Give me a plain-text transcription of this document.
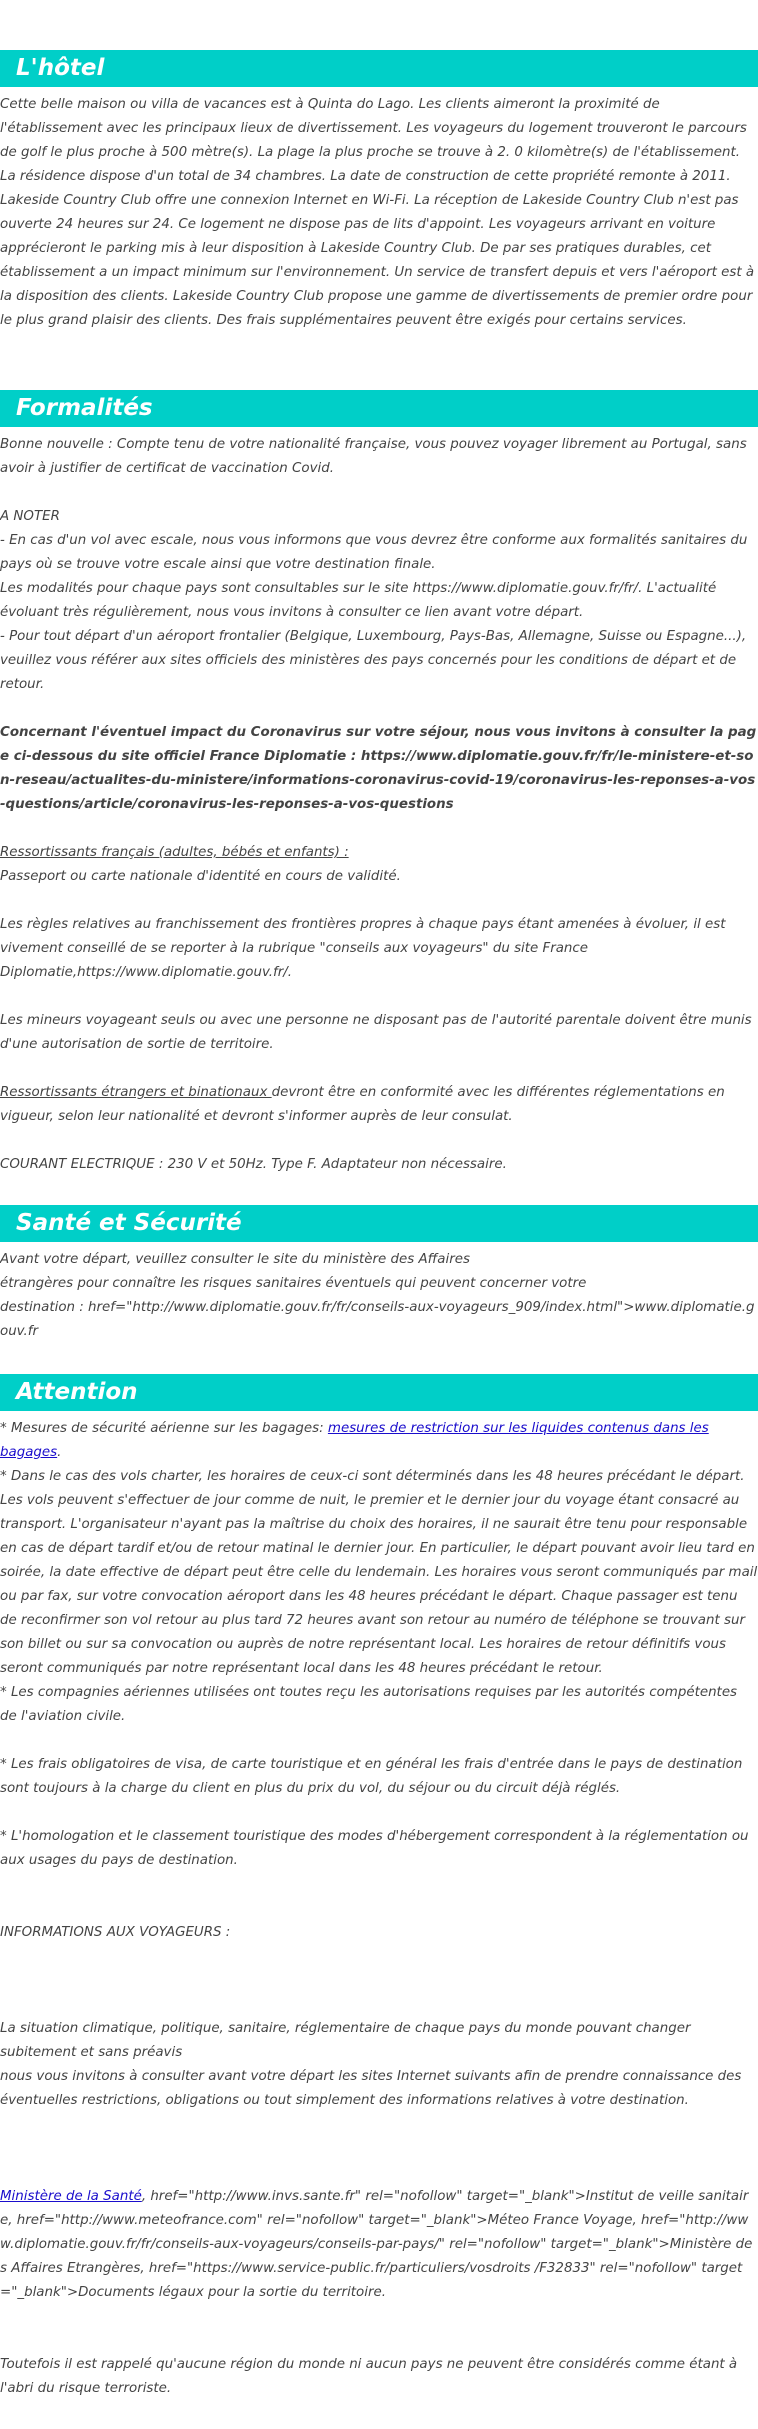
L'hôtel

Cette belle maison ou villa de vacances est à Quinta do Lago. Les clients aimeront la proximité de l'établissement avec les principaux lieux de divertissement. Les voyageurs du logement trouveront le parcours de golf le plus proche à 500 mètre(s). La plage la plus proche se trouve à 2. 0 kilomètre(s) de l'établissement. La résidence dispose d'un total de 34 chambres. La date de construction de cette propriété remonte à 2011. Lakeside Country Club offre une connexion Internet en Wi-Fi. La réception de Lakeside Country Club n'est pas ouverte 24 heures sur 24. Ce logement ne dispose pas de lits d'appoint. Les voyageurs arrivant en voiture apprécieront le parking mis à leur disposition à Lakeside Country Club. De par ses pratiques durables, cet établissement a un impact minimum sur l'environnement. Un service de transfert depuis et vers l'aéroport est à la disposition des clients. Lakeside Country Club propose une gamme de divertissements de premier ordre pour le plus grand plaisir des clients. Des frais supplémentaires peuvent être exigés pour certains services.

Formalités

Bonne nouvelle : Compte tenu de votre nationalité française, vous pouvez voyager librement au Portugal, sans avoir à justifier de certificat de vaccination Covid.

A NOTER

- En cas d'un vol avec escale, nous vous informons que vous devrez être conforme aux formalités sanitaires du pays où se trouve votre escale ainsi que votre destination finale.

Les modalités pour chaque pays sont consultables sur le site https://www.diplomatie.gouv.fr/fr/. L'actualité évoluant très régulièrement, nous vous invitons à consulter ce lien avant votre départ.

- Pour tout départ d'un aéroport frontalier (Belgique, Luxembourg, Pays-Bas, Allemagne, Suisse ou Espagne...), veuillez vous référer aux sites officiels des ministères des pays concernés pour les conditions de départ et de retour.

Concernant l'éventuel impact du Coronavirus sur votre séjour, nous vous invitons à consulter la page ci-dessous du site officiel France Diplomatie : https://www.diplomatie.gouv.fr/fr/le-ministere-et-son-reseau/actualites-du-ministere/informations-coronavirus-covid-19/coronavirus-les-reponses-a-vos-questions/article/coronavirus-les-reponses-a-vos-questions

Ressortissants français (adultes, bébés et enfants) :

Passeport ou carte nationale d'identité en cours de validité.

Les règles relatives au franchissement des frontières propres à chaque pays étant amenées à évoluer, il est vivement conseillé de se reporter à la rubrique "conseils aux voyageurs" du site France Diplomatie,https://www.diplomatie.gouv.fr/.

Les mineurs voyageant seuls ou avec une personne ne disposant pas de l'autorité parentale doivent être munis d'une autorisation de sortie de territoire.

Ressortissants étrangers et binationaux devront être en conformité avec les différentes réglementations en vigueur, selon leur nationalité et devront s'informer auprès de leur consulat.

COURANT ELECTRIQUE : 230 V et 50Hz. Type F. Adaptateur non nécessaire.

Santé et Sécurité

Avant votre départ, veuillez consulter le site du ministère des Affaires

étrangères pour connaître les risques sanitaires éventuels qui peuvent concerner votre

destination : href="http://www.diplomatie.gouv.fr/fr/conseils-aux-voyageurs_909/index.html">www.diplomatie.gouv.fr

Attention

* Mesures de sécurité aérienne sur les bagages: mesures de restriction sur les liquides contenus dans les bagages.

* Dans le cas des vols charter, les horaires de ceux-ci sont déterminés dans les 48 heures précédant le départ. Les vols peuvent s'effectuer de jour comme de nuit, le premier et le dernier jour du voyage étant consacré au transport. L'organisateur n'ayant pas la maîtrise du choix des horaires, il ne saurait être tenu pour responsable en cas de départ tardif et/ou de retour matinal le dernier jour. En particulier, le départ pouvant avoir lieu tard en soirée, la date effective de départ peut être celle du lendemain. Les horaires vous seront communiqués par mail ou par fax, sur votre convocation aéroport dans les 48 heures précédant le départ. Chaque passager est tenu de reconfirmer son vol retour au plus tard 72 heures avant son retour au numéro de téléphone se trouvant sur son billet ou sur sa convocation ou auprès de notre représentant local. Les horaires de retour définitifs vous seront communiqués par notre représentant local dans les 48 heures précédant le retour.

* Les compagnies aériennes utilisées ont toutes reçu les autorisations requises par les autorités compétentes de l'aviation civile.

* Les frais obligatoires de visa, de carte touristique et en général les frais d'entrée dans le pays de destination sont toujours à la charge du client en plus du prix du vol, du séjour ou du circuit déjà réglés.

* L'homologation et le classement touristique des modes d'hébergement correspondent à la réglementation ou aux usages du pays de destination.

INFORMATIONS AUX VOYAGEURS :

La situation climatique, politique, sanitaire, réglementaire de chaque pays du monde pouvant changer subitement et sans préavis

nous vous invitons à consulter avant votre départ les sites Internet suivants afin de prendre connaissance des éventuelles restrictions, obligations ou tout simplement des informations relatives à votre destination.

Ministère de la Santé, href="http://www.invs.sante.fr" rel="nofollow" target="_blank">Institut de veille sanitaire, href="http://www.meteofrance.com" rel="nofollow" target="_blank">Méteo France Voyage, href="http://www.diplomatie.gouv.fr/fr/conseils-aux-voyageurs/conseils-par-pays/" rel="nofollow" target="_blank">Ministère des Affaires Etrangères, href="https://www.service-public.fr/particuliers/vosdroits /F32833" rel="nofollow" target="_blank">Documents légaux pour la sortie du territoire.

Toutefois il est rappelé qu'aucune région du monde ni aucun pays ne peuvent être considérés comme étant à l'abri du risque terroriste.
